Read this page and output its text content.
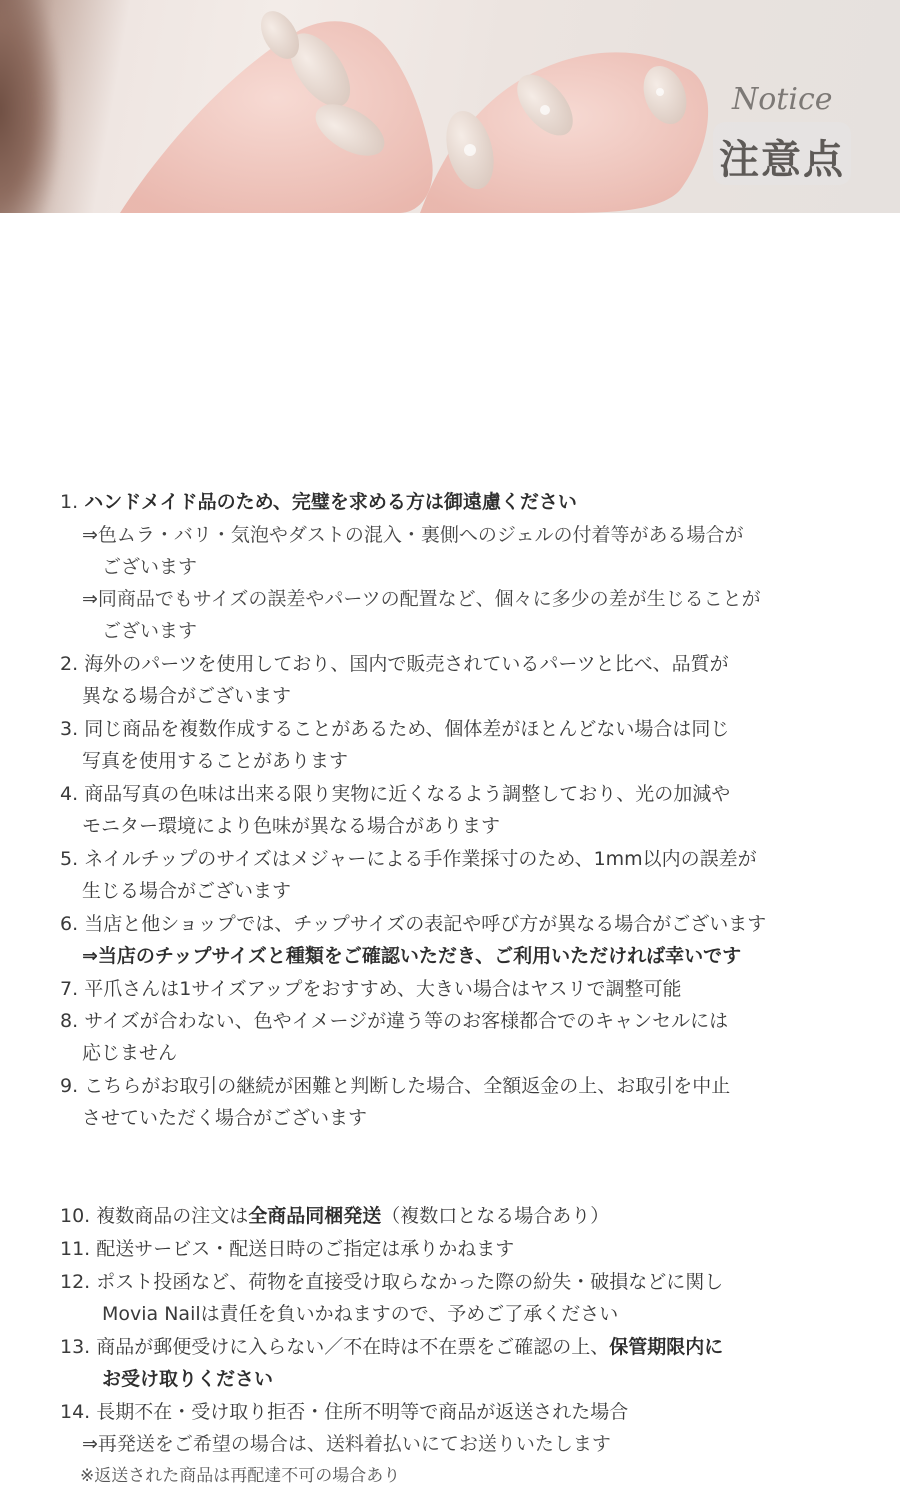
Notice
注意点
1. ハンドメイド品のため、完璧を求める方は御遠慮ください
⇒色ムラ・バリ・気泡やダストの混入・裏側へのジェルの付着等がある場合が
ございます
⇒同商品でもサイズの誤差やパーツの配置など、個々に多少の差が生じることが
ございます
2. 海外のパーツを使用しており、国内で販売されているパーツと比べ、品質が
異なる場合がございます
3. 同じ商品を複数作成することがあるため、個体差がほとんどない場合は同じ
写真を使用することがあります
4. 商品写真の色味は出来る限り実物に近くなるよう調整しており、光の加減や
モニター環境により色味が異なる場合があります
5. ネイルチップのサイズはメジャーによる手作業採寸のため、1mm以内の誤差が
生じる場合がございます
6. 当店と他ショップでは、チップサイズの表記や呼び方が異なる場合がございます
⇒当店のチップサイズと種類をご確認いただき、ご利用いただければ幸いです
7. 平爪さんは1サイズアップをおすすめ、大きい場合はヤスリで調整可能
8. サイズが合わない、色やイメージが違う等のお客様都合でのキャンセルには
応じません
9. こちらがお取引の継続が困難と判断した場合、全額返金の上、お取引を中止
させていただく場合がございます
10. 複数商品の注文は全商品同梱発送（複数口となる場合あり）
11. 配送サービス・配送日時のご指定は承りかねます
12. ポスト投函など、荷物を直接受け取らなかった際の紛失・破損などに関し
Movia Nailは責任を負いかねますので、予めご了承ください
13. 商品が郵便受けに入らない／不在時は不在票をご確認の上、保管期限内に
お受け取りください
14. 長期不在・受け取り拒否・住所不明等で商品が返送された場合
⇒再発送をご希望の場合は、送料着払いにてお送りいたします
※返送された商品は再配達不可の場合あり
